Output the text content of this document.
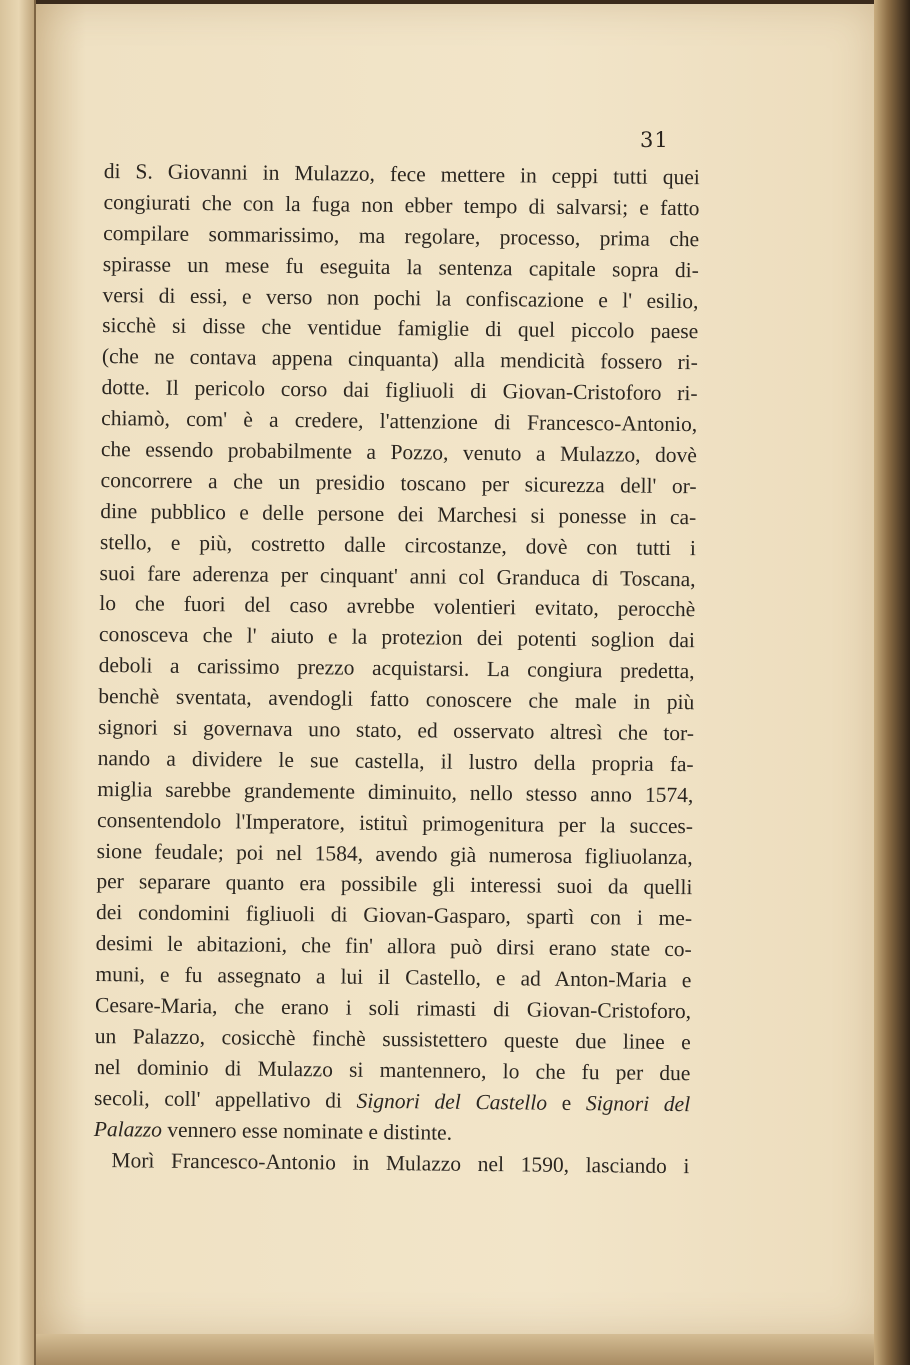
31
di S. Giovanni in Mulazzo, fece mettere in ceppi tutti quei
congiurati che con la fuga non ebber tempo di salvarsi; e fatto
compilare sommarissimo, ma regolare, processo, prima che
spirasse un mese fu eseguita la sentenza capitale sopra di-
versi di essi, e verso non pochi la confiscazione e l' esilio,
sicchè si disse che ventidue famiglie di quel piccolo paese
(che ne contava appena cinquanta) alla mendicità fossero ri-
dotte. Il pericolo corso dai figliuoli di Giovan-Cristoforo ri-
chiamò, com' è a credere, l'attenzione di Francesco-Antonio,
che essendo probabilmente a Pozzo, venuto a Mulazzo, dovè
concorrere a che un presidio toscano per sicurezza dell' or-
dine pubblico e delle persone dei Marchesi si ponesse in ca-
stello, e più, costretto dalle circostanze, dovè con tutti i
suoi fare aderenza per cinquant' anni col Granduca di Toscana,
lo che fuori del caso avrebbe volentieri evitato, perocchè
conosceva che l' aiuto e la protezion dei potenti soglion dai
deboli a carissimo prezzo acquistarsi. La congiura predetta,
benchè sventata, avendogli fatto conoscere che male in più
signori si governava uno stato, ed osservato altresì che tor-
nando a dividere le sue castella, il lustro della propria fa-
miglia sarebbe grandemente diminuito, nello stesso anno 1574,
consentendolo l'Imperatore, istituì primogenitura per la succes-
sione feudale; poi nel 1584, avendo già numerosa figliuolanza,
per separare quanto era possibile gli interessi suoi da quelli
dei condomini figliuoli di Giovan-Gasparo, spartì con i me-
desimi le abitazioni, che fin' allora può dirsi erano state co-
muni, e fu assegnato a lui il Castello, e ad Anton-Maria e
Cesare-Maria, che erano i soli rimasti di Giovan-Cristoforo,
un Palazzo, cosicchè finchè sussistettero queste due linee e
nel dominio di Mulazzo si mantennero, lo che fu per due
secoli, coll' appellativo di Signori del Castello e Signori del
Palazzo vennero esse nominate e distinte.
Morì Francesco-Antonio in Mulazzo nel 1590, lasciando i
